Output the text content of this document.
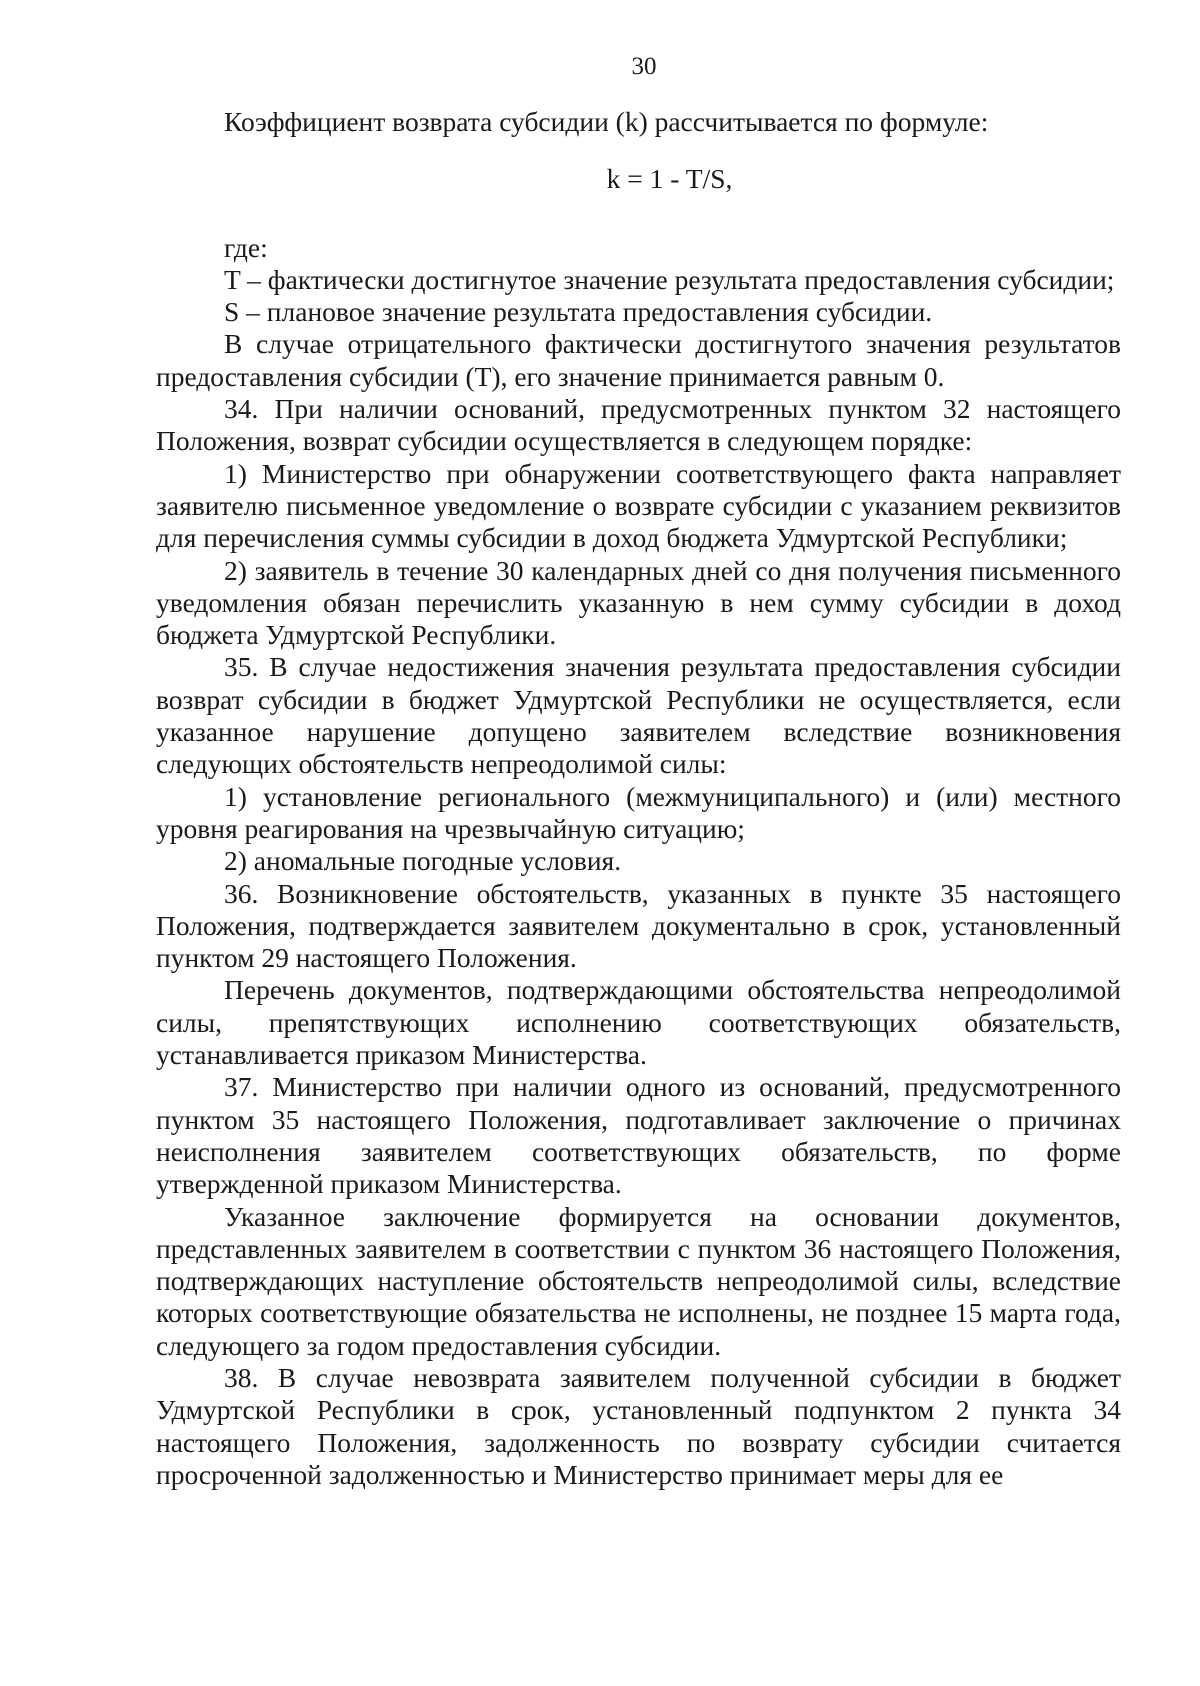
30

Коэффициент возврата субсидии (k) рассчитывается по формуле:

k = 1 - T/S,

где:

T – фактически достигнутое значение результата предоставления субсидии;

S – плановое значение результата предоставления субсидии.

В случае отрицательного фактически достигнутого значения результатов предоставления субсидии (T), его значение принимается равным 0.

34. При наличии оснований, предусмотренных пунктом 32 настоящего Положения, возврат субсидии осуществляется в следующем порядке:

1) Министерство при обнаружении соответствующего факта направляет заявителю письменное уведомление о возврате субсидии с указанием реквизитов для перечисления суммы субсидии в доход бюджета Удмуртской Республики;

2) заявитель в течение 30 календарных дней со дня получения письменного уведомления обязан перечислить указанную в нем сумму субсидии в доход бюджета Удмуртской Республики.

35. В случае недостижения значения результата предоставления субсидии возврат субсидии в бюджет Удмуртской Республики не осуществляется, если указанное нарушение допущено заявителем вследствие возникновения следующих обстоятельств непреодолимой силы:

1) установление регионального (межмуниципального) и (или) местного уровня реагирования на чрезвычайную ситуацию;

2) аномальные погодные условия.

36. Возникновение обстоятельств, указанных в пункте 35 настоящего Положения, подтверждается заявителем документально в срок, установленный пунктом 29 настоящего Положения.

Перечень документов, подтверждающими обстоятельства непреодолимой силы, препятствующих исполнению соответствующих обязательств, устанавливается приказом Министерства.

37. Министерство при наличии одного из оснований, предусмотренного пунктом 35 настоящего Положения, подготавливает заключение о причинах неисполнения заявителем соответствующих обязательств, по форме утвержденной приказом Министерства.

Указанное заключение формируется на основании документов, представленных заявителем в соответствии с пунктом 36 настоящего Положения, подтверждающих наступление обстоятельств непреодолимой силы, вследствие которых соответствующие обязательства не исполнены, не позднее 15 марта года, следующего за годом предоставления субсидии.

38. В случае невозврата заявителем полученной субсидии в бюджет Удмуртской Республики в срок, установленный подпунктом 2 пункта 34 настоящего Положения, задолженность по возврату субсидии считается просроченной задолженностью и Министерство принимает меры для ее
